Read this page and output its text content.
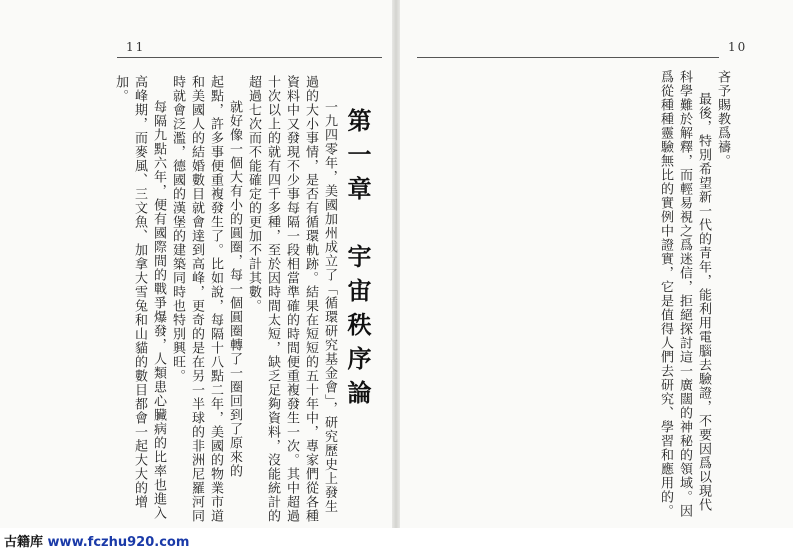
11
第一章　宇宙秩序論
一九四零年，美國加州成立了「循環研究基金會」，研究歷史上發生
過的大小事情，是否有循環軌跡。結果在短短的五十年中，專家們從各種
資料中又發現不少事每隔一段相當準確的時間便重複發生一次。其中超過
十次以上的就有四千多種，至於因時間太短，缺乏足夠資料，沒能統計的
超過七次而不能確定的更加不計其數。
就好像一個大有小的圓圈，每一個圓圈轉了一圈回到了原來的
起點，許多事便重複發生了。比如說，每隔十八點二年，美國的物業市道
和美國人的結婚數目就會達到高峰，更奇的是在另一半球的非洲尼羅河同
時就會泛濫，德國的漢堡的建築同時也特別興旺。
每隔九點六年，便有國際間的戰爭爆發，人類患心臟病的比率也進入
高峰期，而麥風、三文魚、加拿大雪兔和山貓的數目都會一起大大的增
加。
10
吝予賜教爲禱。
最後，特別希望新一代的青年，能利用電腦去驗證，不要因爲以現代
科學難於解釋，而輕易視之爲迷信，拒絕探討這一廣闊的神秘的領域。因
爲從種種靈驗無比的實例中證實，它是值得人們去研究、學習和應用的。
古籍库 www.fczhu920.com
